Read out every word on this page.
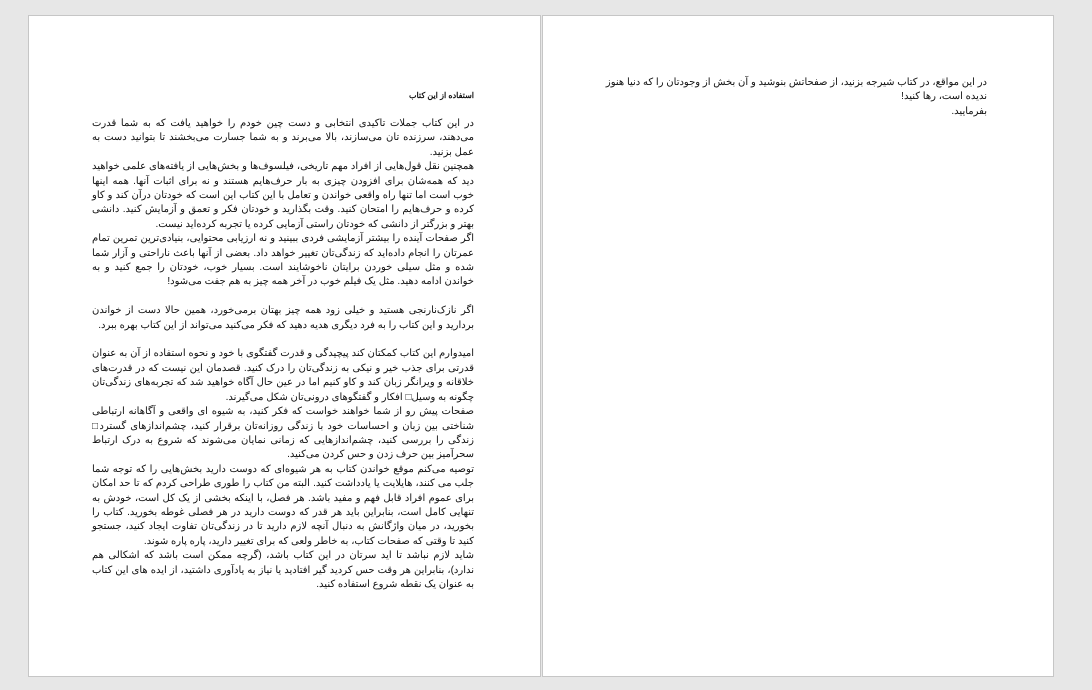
استفاده از این کتاب

در این کتاب جملات تاکیدی انتخابی و دست چین خودم را خواهید یافت که به شما قدرت می‌دهند، سرزنده تان می‌سازند، بالا می‌برند و به شما جسارت می‌بخشند تا بتوانید دست به عمل بزنید.

همچنین نقل قول‌هایی از افراد مهم تاریخی، فیلسوف‌ها و بخش‌هایی از یافته‌های علمی خواهید دید که همه‌شان برای افزودن چیزی به بار حرف‌هایم هستند و نه برای اثبات آنها. همه اینها خوب است اما تنها راه واقعی خواندن و تعامل با این کتاب این است که خودتان درآن کند و کاو کرده و حرف‌هایم را امتحان کنید. وقت بگذارید و خودتان فکر و تعمق و آزمایش کنید. دانشی بهتر و بزرگتر از دانشی که خودتان راستی آزمایی کرده یا تجربه کرده‌اید نیست.

اگر صفحات آینده را بیشتر آزمایشی فردی ببینید و نه ارزیابی محتوایی، بنیادی‌ترین تمرین تمام عمرتان را انجام داده‌اید که زندگی‌تان تغییر خواهد داد. بعضی از آنها باعث ناراحتی و آزار شما شده و مثل سیلی خوردن برایتان ناخوشایند است. بسیار خوب، خودتان را جمع کنید و به خواندن ادامه دهید. مثل یک فیلم خوب در آخر همه چیز به هم جفت می‌شود!

اگر نازک‌نارنجی هستید و خیلی زود همه چیز بهتان برمی‌خورد، همین حالا دست از خواندن بردارید و این کتاب را به فرد دیگری هدیه دهید که فکر می‌کنید می‌تواند از این کتاب بهره ببرد.

امیدوارم این کتاب کمکتان کند پیچیدگی و قدرت گفتگوی با خود و نحوه استفاده از آن به عنوان قدرتی برای جذب خیر و نیکی به زندگی‌تان را درک کنید. قصدمان این نیست که در قدرت‌های خلاقانه و ویرانگر زبان کند و کاو کنیم اما در عین حال آگاه خواهید شد که تجربه‌های زندگی‌تان چگونه به وسیل□ افکار و گفتگوهای درونی‌تان شکل می‌گیرند.

صفحات پیش رو از شما خواهند خواست که فکر کنید، به شیوه ای واقعی و آگاهانه ارتباطی شناختی بین زبان و احساسات خود با زندگی روزانه‌تان برقرار کنید، چشم‌اندازهای گسترد□ زندگی را بررسی کنید، چشم‌اندازهایی که زمانی نمایان می‌شوند که شروع به درک ارتباط سحرآمیز بین حرف زدن و حس کردن می‌کنید.

توصیه می‌کنم موقع خواندن کتاب به هر شیوه‌ای که دوست دارید بخش‌هایی را که توجه شما جلب می کنند، هایلایت یا یادداشت کنید. البته من کتاب را طوری طراحی کردم که تا حد امکان برای عموم افراد قابل فهم و مفید باشد. هر فصل، با اینکه بخشی از یک کل است، خودش به تنهایی کامل است، بنابراین باید هر قدر که دوست دارید در هر فصلی غوطه بخورید. کتاب را بخورید، در میان واژگانش به دنبال آنچه لازم دارید تا در زندگی‌تان تفاوت ایجاد کنید، جستجو کنید تا وقتی که صفحات کتاب، به خاطر ولعی که برای تغییر دارید، پاره پاره شوند.

شاید لازم نباشد تا اید سرتان در این کتاب باشد، (گرچه ممکن است باشد که اشکالی هم ندارد)، بنابراین هر وقت حس کردید گیر افتادید یا نیاز به یادآوری داشتید، از ایده های این کتاب به عنوان یک نقطه شروع استفاده کنید.

در این مواقع، در کتاب شیرجه بزنید، از صفحاتش بنوشید و آن بخش از وجودتان را که دنیا هنوز ندیده است، رها کنید!

بفرمایید.
